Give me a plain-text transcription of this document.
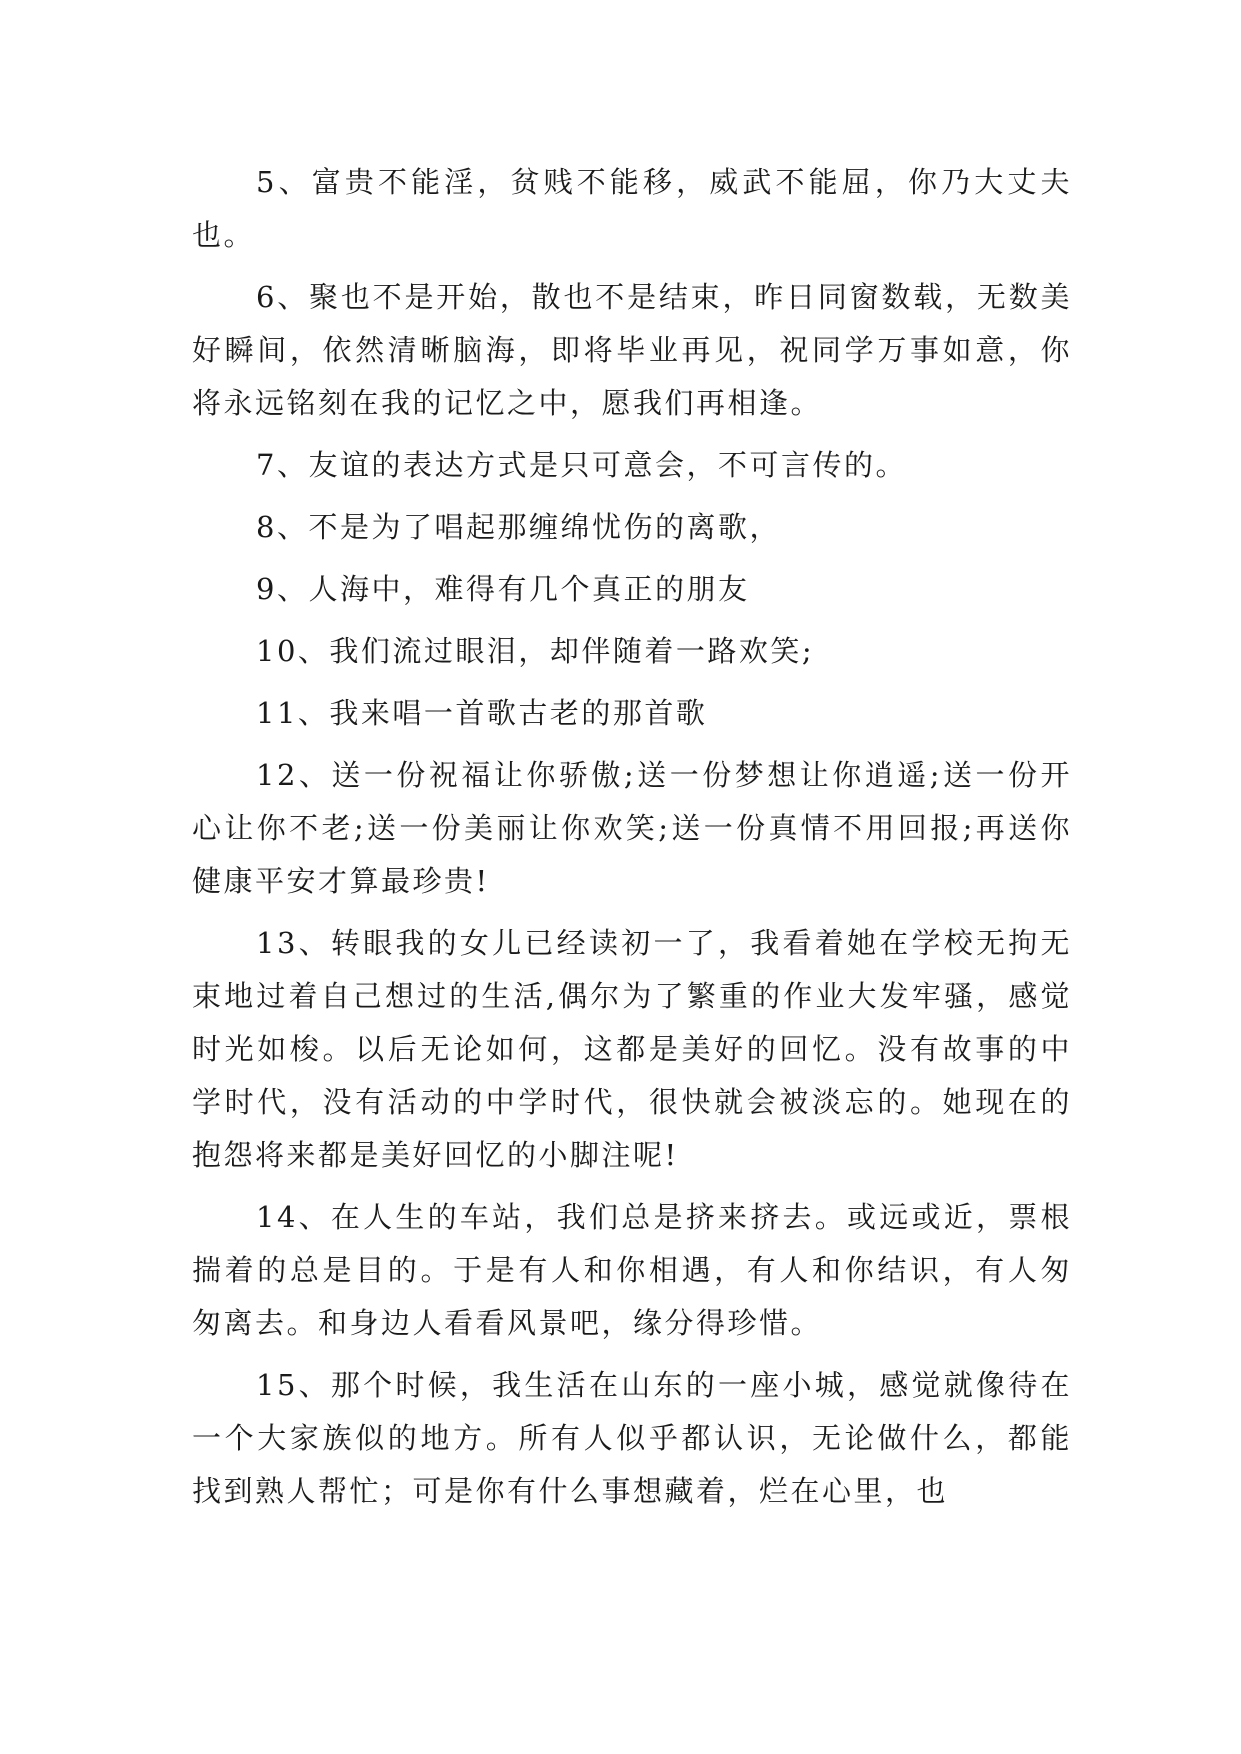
5、富贵不能淫，贫贱不能移，威武不能屈，你乃大丈夫也。

6、聚也不是开始，散也不是结束，昨日同窗数载，无数美好瞬间，依然清晰脑海，即将毕业再见，祝同学万事如意，你将永远铭刻在我的记忆之中，愿我们再相逢。

7、友谊的表达方式是只可意会，不可言传的。

8、不是为了唱起那缠绵忧伤的离歌，

9、人海中，难得有几个真正的朋友

10、我们流过眼泪，却伴随着一路欢笑;

11、我来唱一首歌古老的那首歌

12、送一份祝福让你骄傲;送一份梦想让你逍遥;送一份开心让你不老;送一份美丽让你欢笑;送一份真情不用回报;再送你健康平安才算最珍贵!

13、转眼我的女儿已经读初一了，我看着她在学校无拘无束地过着自己想过的生活,偶尔为了繁重的作业大发牢骚，感觉时光如梭。以后无论如何，这都是美好的回忆。没有故事的中学时代，没有活动的中学时代，很快就会被淡忘的。她现在的抱怨将来都是美好回忆的小脚注呢!

14、在人生的车站，我们总是挤来挤去。或远或近，票根揣着的总是目的。于是有人和你相遇，有人和你结识，有人匆匆离去。和身边人看看风景吧，缘分得珍惜。

15、那个时候，我生活在山东的一座小城，感觉就像待在一个大家族似的地方。所有人似乎都认识，无论做什么，都能找到熟人帮忙；可是你有什么事想藏着，烂在心里，也
